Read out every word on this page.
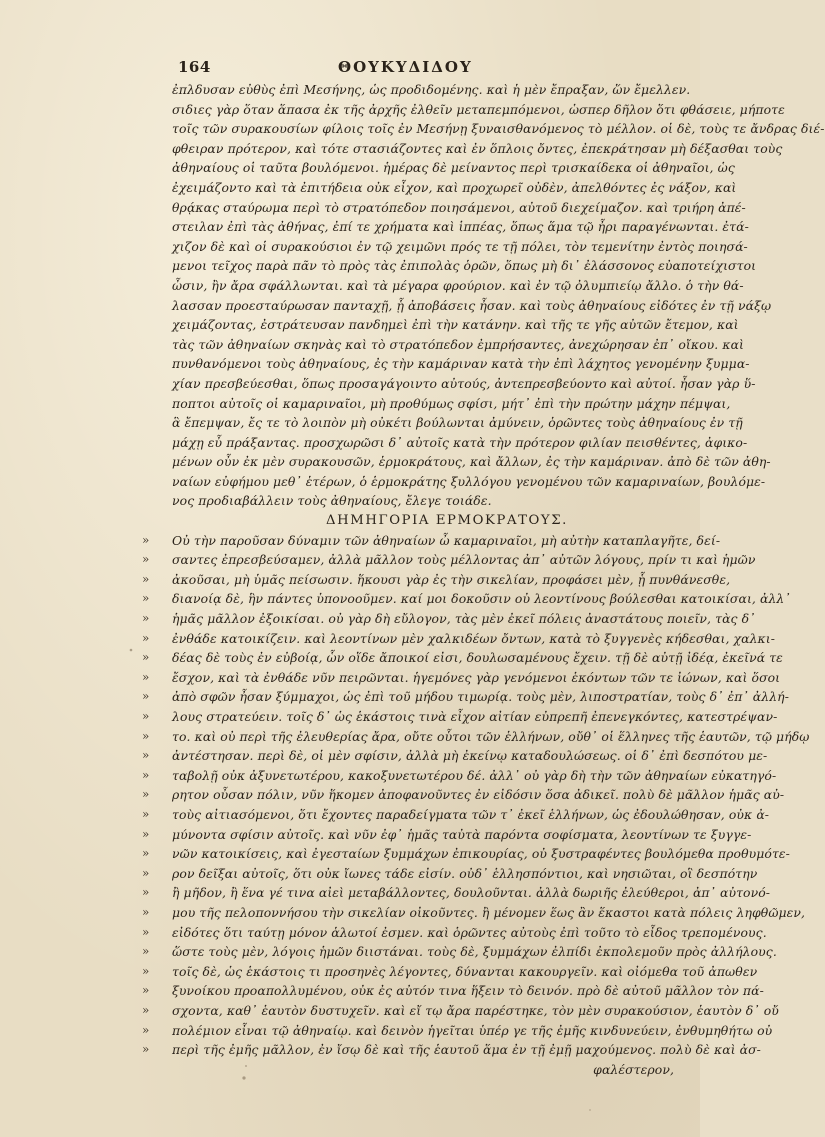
164	ΘΟΥΚΥΔΙΔΟΥ
ἐπλδυσαν εὐθὺς ἐπὶ Μεσήνης, ὡς προδιδομένης. καὶ ἡ μὲν ἔπραξαν, ὥν ἔμελλεν.
σιδιες γὰρ ὅταν ἅπασα ἐκ τῆς ἀρχῆς ἐλθεῖν μεταπεμπόμενοι, ὡσπερ δῆλον ὅτι φθάσειε, μήποτε
τοῖς τῶν συρακουσίων φίλοις τοῖς ἐν Μεσήνῃ ξυναισθανόμενος τὸ μέλλον. οἱ δὲ, τοὺς τε ἄνδρας διέ-
φθειραν πρότερον, καὶ τότε στασιάζοντες καὶ ἐν ὅπλοις ὄντες, ἐπεκράτησαν μὴ δέξασθαι τοὺς
ἀθηναίους οἱ ταῦτα βουλόμενοι. ἡμέρας δὲ μείναντος περὶ τρισκαίδεκα οἱ ἀθηναῖοι, ὡς
ἐχειμάζοντο καὶ τὰ ἐπιτήδεια οὐκ εἶχον, καὶ προχωρεῖ οὐδὲν, ἀπελθόντες ἐς νάξον, καὶ
θρᾴκας σταύρωμα περὶ τὸ στρατόπεδον ποιησάμενοι, αὐτοῦ διεχείμαζον. καὶ τριήρη ἀπέ-
στειλαν ἐπὶ τὰς ἀθήνας, ἐπί τε χρήματα καὶ ἱππέας, ὅπως ἅμα τῷ ἦρι παραγένωνται. ἐτά-
χιζον δὲ καὶ οἱ συρακούσιοι ἐν τῷ χειμῶνι πρός τε τῇ πόλει, τὸν τεμενίτην ἐντὸς ποιησά-
μενοι τεῖχος παρὰ πᾶν τὸ πρὸς τὰς ἐπιπολὰς ὁρῶν, ὅπως μὴ δι᾽ ἐλάσσονος εὐαποτείχιστοι
ὦσιν, ἢν ἄρα σφάλλωνται. καὶ τὰ μέγαρα φρούριον. καὶ ἐν τῷ ὀλυμπιείῳ ἄλλο. ὁ τὴν θά-
λασσαν προεσταύρωσαν πανταχῇ, ᾗ ἀποβάσεις ἦσαν. καὶ τοὺς ἀθηναίους εἰδότες ἐν τῇ νάξῳ
χειμάζοντας, ἐστράτευσαν πανδημεὶ ἐπὶ τὴν κατάνην. καὶ τῆς τε γῆς αὐτῶν ἔτεμον, καὶ
τὰς τῶν ἀθηναίων σκηνὰς καὶ τὸ στρατόπεδον ἐμπρήσαντες, ἀνεχώρησαν ἐπ᾽ οἴκου. καὶ
πυνθανόμενοι τοὺς ἀθηναίους, ἐς τὴν καμάριναν κατὰ τὴν ἐπὶ λάχητος γενομένην ξυμμα-
χίαν πρεσβεύεσθαι, ὅπως προσαγάγοιντο αὐτούς, ἀντεπρεσβεύοντο καὶ αὐτοί. ἦσαν γὰρ ὕ-
ποπτοι αὐτοῖς οἱ καμαριναῖοι, μὴ προθύμως σφίσι, μήτ᾽ ἐπὶ τὴν πρώτην μάχην πέμψαι,
ἃ ἔπεμψαν, ἔς τε τὸ λοιπὸν μὴ οὐκέτι βούλωνται ἀμύνειν, ὁρῶντες τοὺς ἀθηναίους ἐν τῇ
μάχῃ εὖ πράξαντας. προσχωρῶσι δ᾽ αὐτοῖς κατὰ τὴν πρότερον φιλίαν πεισθέντες, ἀφικο-
μένων οὖν ἐκ μὲν συρακουσῶν, ἑρμοκράτους, καὶ ἄλλων, ἐς τὴν καμάριναν. ἀπὸ δὲ τῶν ἀθη-
ναίων εὐφήμου μεθ᾽ ἑτέρων, ὁ ἑρμοκράτης ξυλλόγου γενομένου τῶν καμαριναίων, βουλόμε-
νος προδιαβάλλειν τοὺς ἀθηναίους, ἔλεγε τοιάδε.
ΔΗΜΗΓΟΡΙΑ ΕΡΜΟΚΡΑΤΟΥΣ.
» Οὐ τὴν παροῦσαν δύναμιν τῶν ἀθηναίων ὦ καμαριναῖοι, μὴ αὐτὴν καταπλαγῆτε, δεί-
» σαντες ἐπρεσβεύσαμεν, ἀλλὰ μᾶλλον τοὺς μέλλοντας ἀπ᾽ αὐτῶν λόγους, πρίν τι καὶ ἡμῶν
» ἀκοῦσαι, μὴ ὑμᾶς πείσωσιν. ἥκουσι γὰρ ἐς τὴν σικελίαν, προφάσει μὲν, ᾗ πυνθάνεσθε,
» διανοίᾳ δὲ, ἣν πάντες ὑπονοοῦμεν. καί μοι δοκοῦσιν οὐ λεοντίνους βούλεσθαι κατοικίσαι, ἀλλ᾽
» ἡμᾶς μᾶλλον ἐξοικίσαι. οὐ γὰρ δὴ εὔλογον, τὰς μὲν ἐκεῖ πόλεις ἀναστάτους ποιεῖν, τὰς δ᾽
» ἐνθάδε κατοικίζειν. καὶ λεοντίνων μὲν χαλκιδέων ὄντων, κατὰ τὸ ξυγγενὲς κήδεσθαι, χαλκι-
» δέας δὲ τοὺς ἐν εὐβοίᾳ, ὧν οἵδε ἄποικοί εἰσι, δουλωσαμένους ἔχειν. τῇ δὲ αὐτῇ ἰδέᾳ, ἐκεῖνά τε
» ἔσχον, καὶ τὰ ἐνθάδε νῦν πειρῶνται. ἡγεμόνες γὰρ γενόμενοι ἑκόντων τῶν τε ἰώνων, καὶ ὅσοι
» ἀπὸ σφῶν ἦσαν ξύμμαχοι, ὡς ἐπὶ τοῦ μήδου τιμωρίᾳ. τοὺς μὲν, λιποστρατίαν, τοὺς δ᾽ ἐπ᾽ ἀλλή-
» λους στρατεύειν. τοῖς δ᾽ ὡς ἑκάστοις τινὰ εἶχον αἰτίαν εὐπρεπῆ ἐπενεγκόντες, κατεστρέψαν-
» το. καὶ οὐ περὶ τῆς ἐλευθερίας ἄρα, οὔτε οὗτοι τῶν ἑλλήνων, οὔθ᾽ οἱ ἕλληνες τῆς ἑαυτῶν, τῷ μήδῳ
» ἀντέστησαν. περὶ δὲ, οἱ μὲν σφίσιν, ἀλλὰ μὴ ἐκείνῳ καταδουλώσεως. οἱ δ᾽ ἐπὶ δεσπότου με-
» ταβολῇ οὐκ ἀξυνετωτέρου, κακοξυνετωτέρου δέ. ἀλλ᾽ οὐ γὰρ δὴ τὴν τῶν ἀθηναίων εὐκατηγό-
» ρητον οὖσαν πόλιν, νῦν ἥκομεν ἀποφανοῦντες ἐν εἰδόσιν ὅσα ἀδικεῖ. πολὺ δὲ μᾶλλον ἡμᾶς αὐ-
» τοὺς αἰτιασόμενοι, ὅτι ἔχοντες παραδείγματα τῶν τ᾽ ἐκεῖ ἑλλήνων, ὡς ἐδουλώθησαν, οὐκ ἀ-
» μύνοντα σφίσιν αὐτοῖς. καὶ νῦν ἐφ᾽ ἡμᾶς ταὐτὰ παρόντα σοφίσματα, λεοντίνων τε ξυγγε-
» νῶν κατοικίσεις, καὶ ἐγεσταίων ξυμμάχων ἐπικουρίας, οὐ ξυστραφέντες βουλόμεθα προθυμότε-
» ρον δεῖξαι αὐτοῖς, ὅτι οὐκ ἴωνες τάδε εἰσίν. οὐδ᾽ ἑλλησπόντιοι, καὶ νησιῶται, οἳ δεσπότην
» ἢ μῆδον, ἢ ἕνα γέ τινα αἰεὶ μεταβάλλοντες, δουλοῦνται. ἀλλὰ δωριῆς ἐλεύθεροι, ἀπ᾽ αὐτονό-
» μου τῆς πελοποννήσου τὴν σικελίαν οἰκοῦντες. ἢ μένομεν ἕως ἂν ἕκαστοι κατὰ πόλεις ληφθῶμεν,
» εἰδότες ὅτι ταύτῃ μόνον ἁλωτοί ἐσμεν. καὶ ὁρῶντες αὐτοὺς ἐπὶ τοῦτο τὸ εἶδος τρεπομένους.
» ὥστε τοὺς μὲν, λόγοις ἡμῶν διιστάναι. τοὺς δὲ, ξυμμάχων ἐλπίδι ἐκπολεμοῦν πρὸς ἀλλήλους.
» τοῖς δὲ, ὡς ἑκάστοις τι προσηνὲς λέγοντες, δύνανται κακουργεῖν. καὶ οἰόμεθα τοῦ ἀπωθεν
» ξυνοίκου προαπολλυμένου, οὐκ ἐς αὐτόν τινα ἥξειν τὸ δεινόν. πρὸ δὲ αὐτοῦ μᾶλλον τὸν πά-
» σχοντα, καθ᾽ ἑαυτὸν δυστυχεῖν. καὶ εἴ τῳ ἄρα παρέστηκε, τὸν μὲν συρακούσιον, ἑαυτὸν δ᾽ οὔ
» πολέμιον εἶναι τῷ ἀθηναίῳ. καὶ δεινὸν ἡγεῖται ὑπέρ γε τῆς ἐμῆς κινδυνεύειν, ἐνθυμηθήτω οὐ
» περὶ τῆς ἐμῆς μᾶλλον, ἐν ἴσῳ δὲ καὶ τῆς ἑαυτοῦ ἅμα ἐν τῇ ἐμῇ μαχούμενος. πολὺ δὲ καὶ ἀσ-
φαλέστερον,
